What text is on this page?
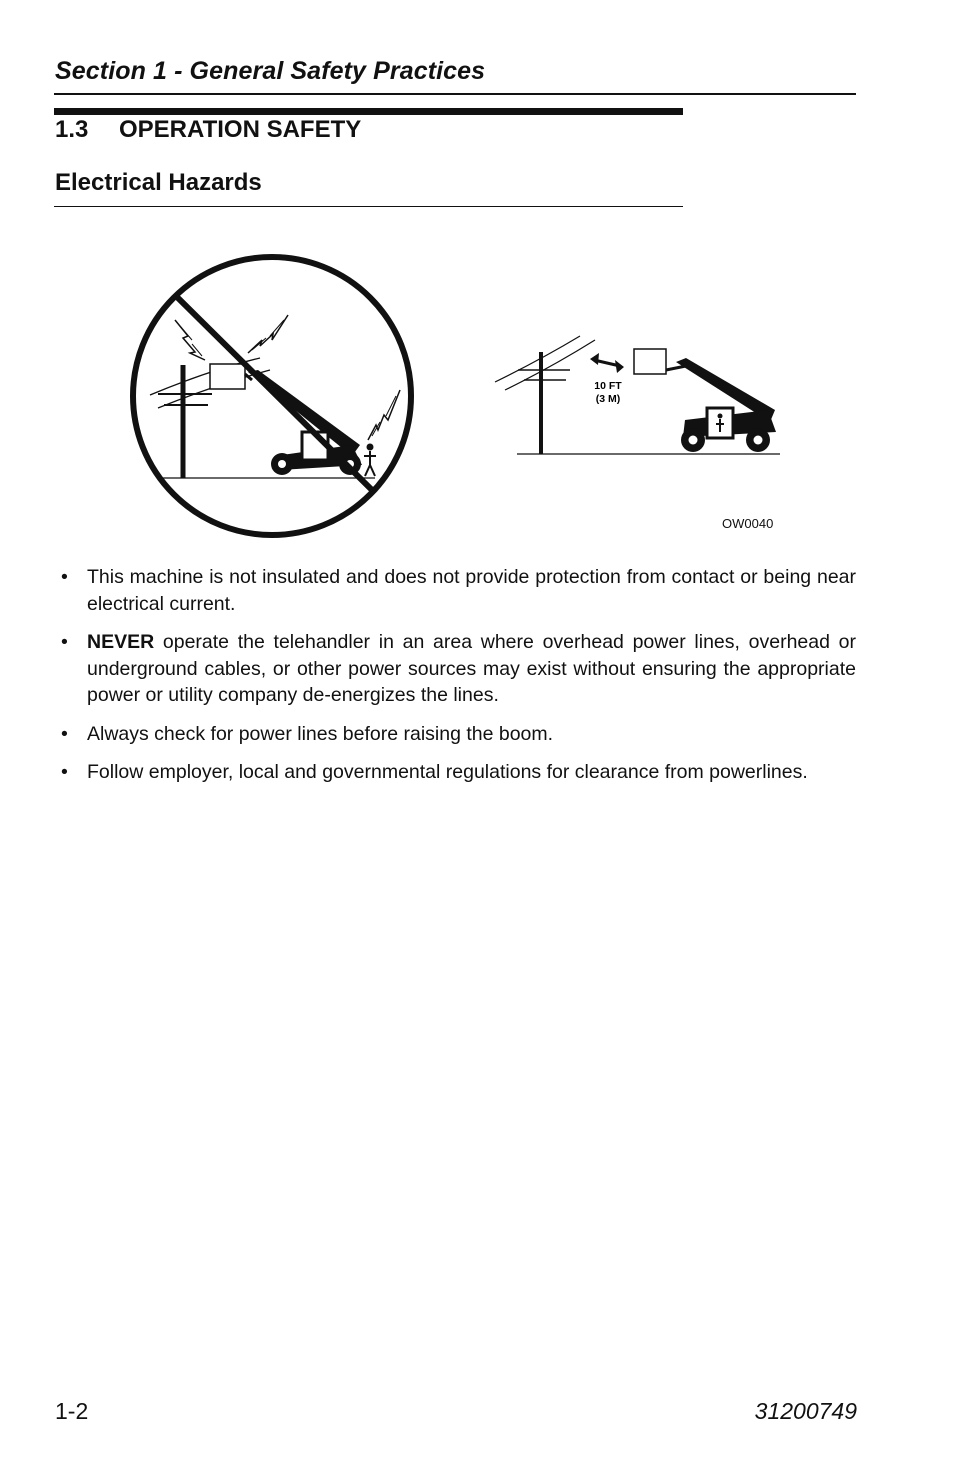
Section 1 - General Safety Practices
1.3 OPERATION SAFETY
Electrical Hazards
10 FT
(3 M)
OW0040
• This machine is not insulated and does not provide protection from contact or being near electrical current.
• NEVER operate the telehandler in an area where overhead power lines, overhead or underground cables, or other power sources may exist without ensuring the appropriate power or utility company de-energizes the lines.
• Always check for power lines before raising the boom.
• Follow employer, local and governmental regulations for clearance from powerlines.
1-2	31200749
